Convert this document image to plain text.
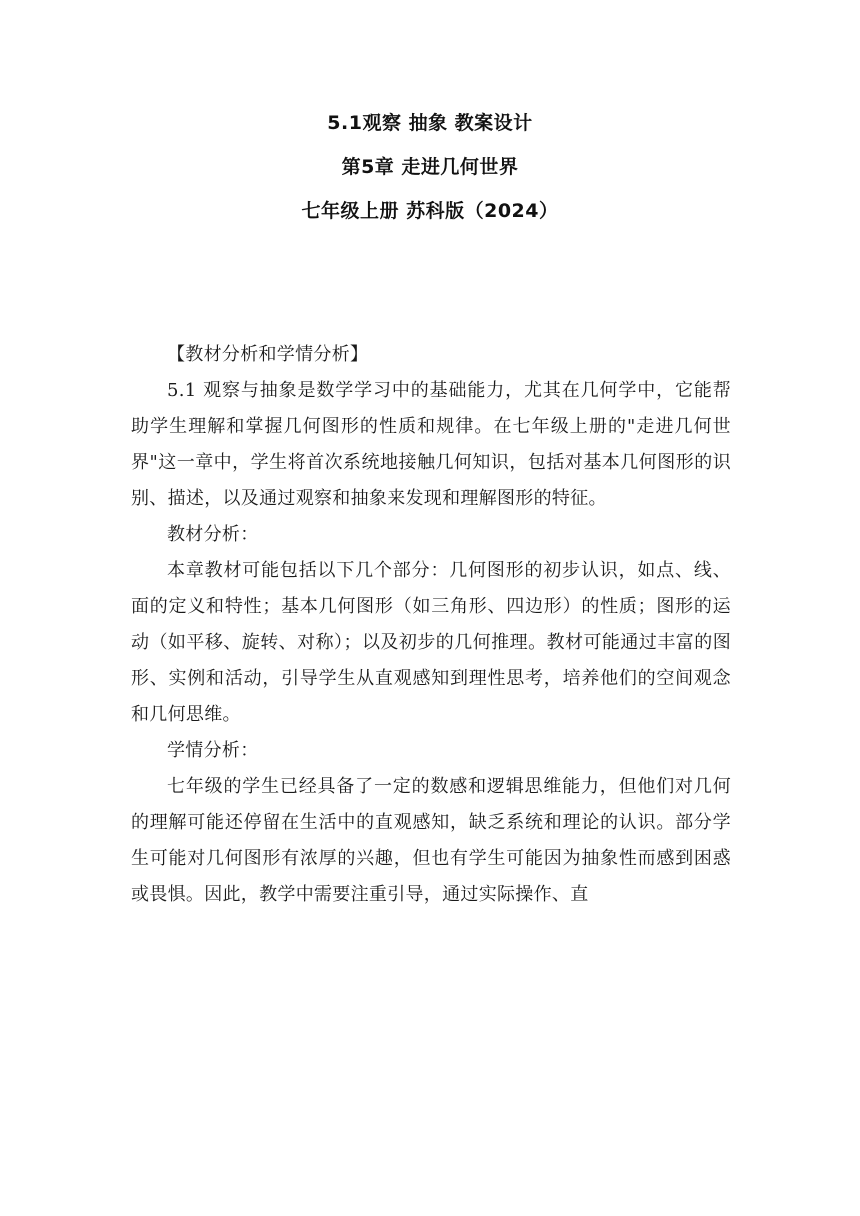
5.1观察 抽象 教案设计

第5章 走进几何世界

七年级上册 苏科版（2024）

【教材分析和学情分析】

5.1 观察与抽象是数学学习中的基础能力，尤其在几何学中，它能帮助学生理解和掌握几何图形的性质和规律。在七年级上册的"走进几何世界"这一章中，学生将首次系统地接触几何知识，包括对基本几何图形的识别、描述，以及通过观察和抽象来发现和理解图形的特征。

教材分析：

本章教材可能包括以下几个部分：几何图形的初步认识，如点、线、面的定义和特性；基本几何图形（如三角形、四边形）的性质；图形的运动（如平移、旋转、对称）；以及初步的几何推理。教材可能通过丰富的图形、实例和活动，引导学生从直观感知到理性思考，培养他们的空间观念和几何思维。

学情分析：

七年级的学生已经具备了一定的数感和逻辑思维能力，但他们对几何的理解可能还停留在生活中的直观感知，缺乏系统和理论的认识。部分学生可能对几何图形有浓厚的兴趣，但也有学生可能因为抽象性而感到困惑或畏惧。因此，教学中需要注重引导，通过实际操作、直
